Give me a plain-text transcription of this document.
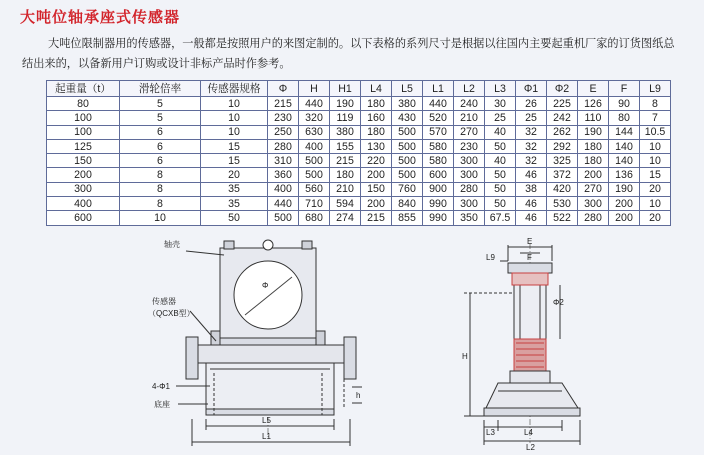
大吨位轴承座式传感器
大吨位限制器用的传感器，一般都是按照用户的来图定制的。以下表格的系列尺寸是根据以往国内主要起重机厂家的订货图纸总结出来的，以备新用户订购或设计非标产品时作参考。
起重量（t）	滑轮倍率	传感器规格	Φ	H	H1	L4	L5	L1	L2	L3	Φ1	Φ2	E	F	L9
80	5	10	215	440	190	180	380	440	240	30	26	225	126	90	8
100	5	10	230	320	119	160	430	520	210	25	25	242	110	80	7
100	6	10	250	630	380	180	500	570	270	40	32	262	190	144	10.5
125	6	15	280	400	155	130	500	580	230	50	32	292	180	140	10
150	6	15	310	500	215	220	500	580	300	40	32	325	180	140	10
200	8	20	360	500	180	200	500	600	300	50	46	372	200	136	15
300	8	35	400	560	210	150	760	900	280	50	38	420	270	190	20
400	8	35	440	710	594	200	840	990	300	50	46	530	300	200	10
600	10	50	500	680	274	215	855	990	350	67.5	46	522	280	200	20
轴壳
传感器
（QCXB型）
4-Φ1
底座
Φ
L5
L1
h
E
F
L9
Φ2
H
L3	L4
L2
